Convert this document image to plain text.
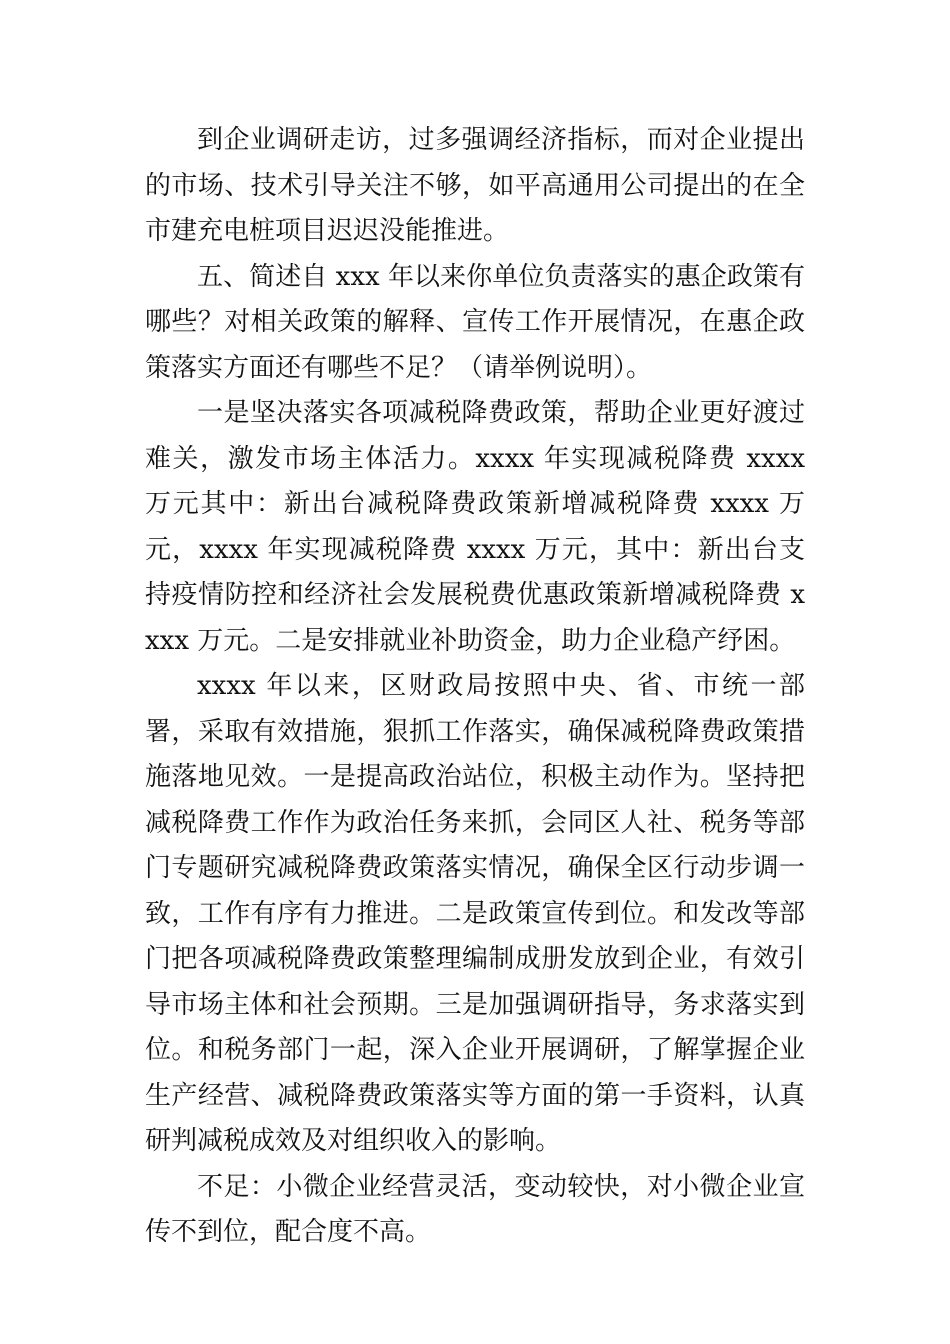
到企业调研走访，过多强调经济指标，而对企业提出的市场、技术引导关注不够，如平高通用公司提出的在全市建充电桩项目迟迟没能推进。

五、简述自 xxx 年以来你单位负责落实的惠企政策有哪些？对相关政策的解释、宣传工作开展情况，在惠企政策落实方面还有哪些不足？（请举例说明）。

一是坚决落实各项减税降费政策，帮助企业更好渡过难关，激发市场主体活力。xxxx 年实现减税降费 xxxx 万元其中：新出台减税降费政策新增减税降费 xxxx 万元，xxxx 年实现减税降费 xxxx 万元，其中：新出台支持疫情防控和经济社会发展税费优惠政策新增减税降费 xxxx 万元。二是安排就业补助资金，助力企业稳产纾困。

xxxx 年以来，区财政局按照中央、省、市统一部署，采取有效措施，狠抓工作落实，确保减税降费政策措施落地见效。一是提高政治站位，积极主动作为。坚持把减税降费工作作为政治任务来抓，会同区人社、税务等部门专题研究减税降费政策落实情况，确保全区行动步调一致，工作有序有力推进。二是政策宣传到位。和发改等部门把各项减税降费政策整理编制成册发放到企业，有效引导市场主体和社会预期。三是加强调研指导，务求落实到位。和税务部门一起，深入企业开展调研，了解掌握企业生产经营、减税降费政策落实等方面的第一手资料，认真研判减税成效及对组织收入的影响。

不足：小微企业经营灵活，变动较快，对小微企业宣传不到位，配合度不高。
